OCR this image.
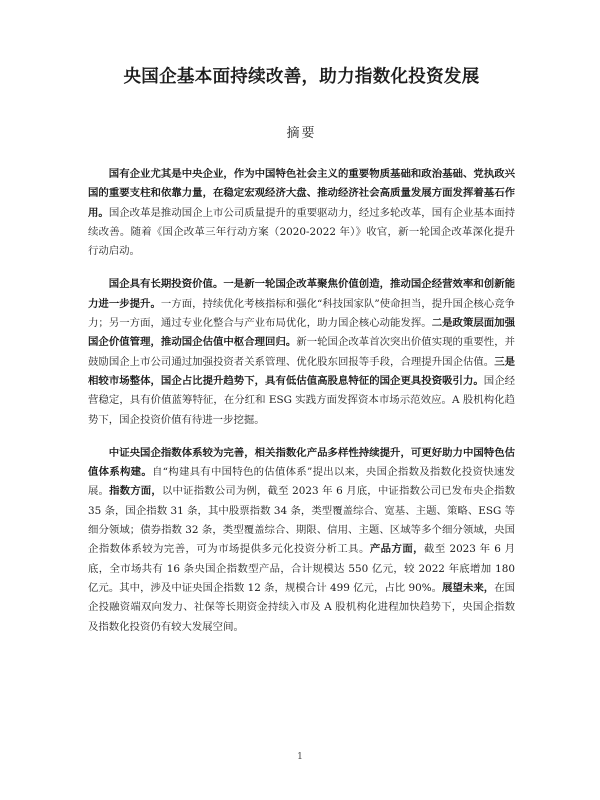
央国企基本面持续改善，助力指数化投资发展
摘要

国有企业尤其是中央企业，作为中国特色社会主义的重要物质基础和政治基础、党执政兴国的重要支柱和依靠力量，在稳定宏观经济大盘、推动经济社会高质量发展方面发挥着基石作用。国企改革是推动国企上市公司质量提升的重要驱动力，经过多轮改革，国有企业基本面持续改善。随着《国企改革三年行动方案（2020-2022 年）》收官，新一轮国企改革深化提升行动启动。

国企具有长期投资价值。一是新一轮国企改革聚焦价值创造，推动国企经营效率和创新能力进一步提升。一方面，持续优化考核指标和强化“科技国家队”使命担当，提升国企核心竞争力；另一方面，通过专业化整合与产业布局优化，助力国企核心动能发挥。二是政策层面加强国企价值管理，推动国企估值中枢合理回归。新一轮国企改革首次突出价值实现的重要性，并鼓励国企上市公司通过加强投资者关系管理、优化股东回报等手段，合理提升国企估值。三是相较市场整体，国企占比提升趋势下，具有低估值高股息特征的国企更具投资吸引力。国企经营稳定，具有价值蓝筹特征，在分红和 ESG 实践方面发挥资本市场示范效应。A 股机构化趋势下，国企投资价值有待进一步挖掘。

中证央国企指数体系较为完善，相关指数化产品多样性持续提升，可更好助力中国特色估值体系构建。自“构建具有中国特色的估值体系”提出以来，央国企指数及指数化投资快速发展。指数方面，以中证指数公司为例，截至 2023 年 6 月底，中证指数公司已发布央企指数 35 条，国企指数 31 条，其中股票指数 34 条，类型覆盖综合、宽基、主题、策略、ESG 等细分领域；债券指数 32 条，类型覆盖综合、期限、信用、主题、区域等多个细分领域，央国企指数体系较为完善，可为市场提供多元化投资分析工具。产品方面，截至 2023 年 6 月底，全市场共有 16 条央国企指数型产品，合计规模达 550 亿元，较 2022 年底增加 180 亿元。其中，涉及中证央国企指数 12 条，规模合计 499 亿元，占比 90%。展望未来，在国企投融资端双向发力、社保等长期资金持续入市及 A 股机构化进程加快趋势下，央国企指数及指数化投资仍有较大发展空间。

1
